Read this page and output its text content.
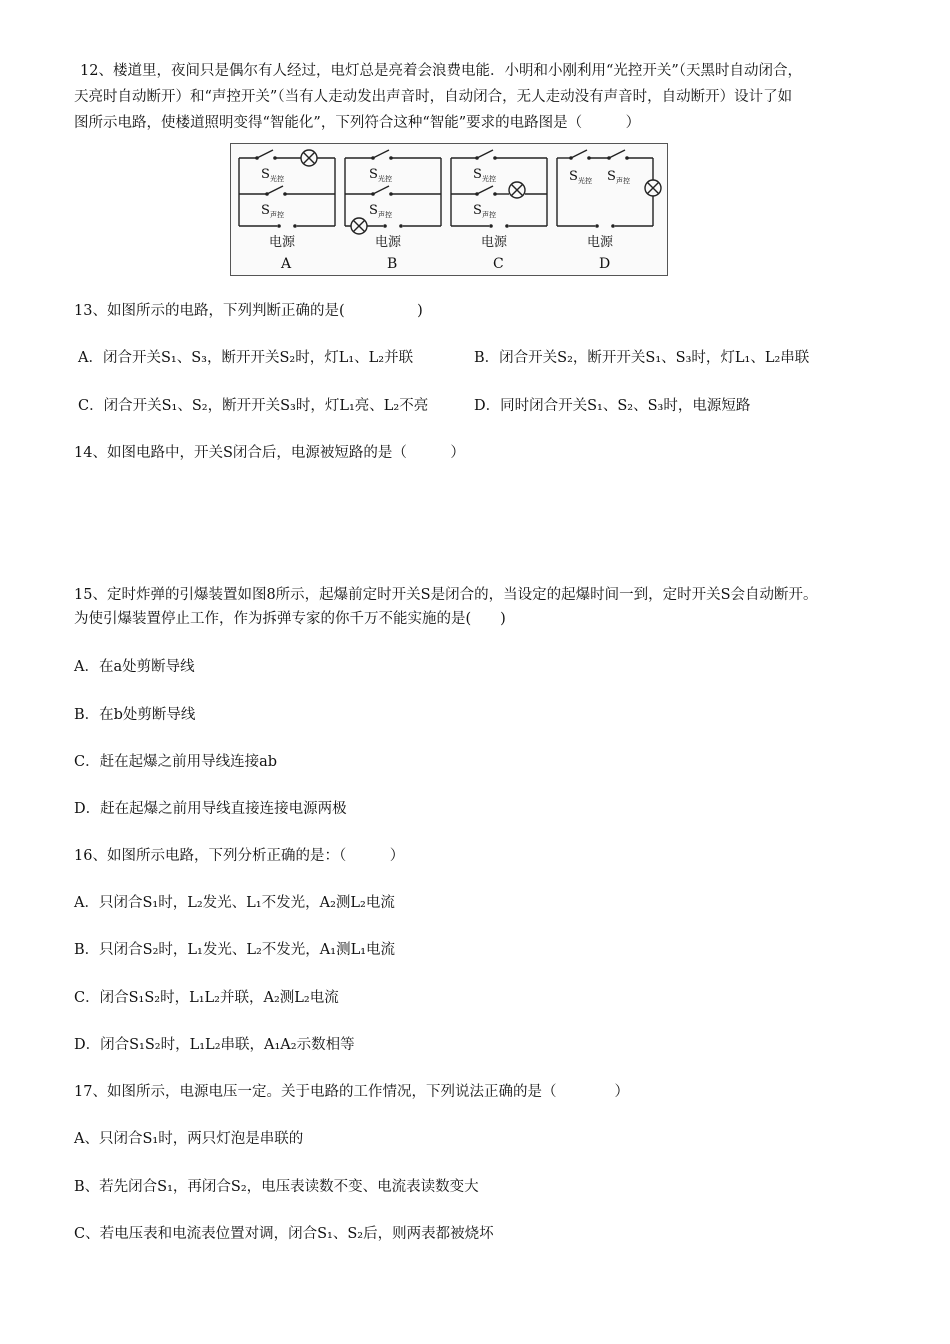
12、楼道里，夜间只是偶尔有人经过，电灯总是亮着会浪费电能．小明和小刚利用“光控开关”（天黑时自动闭合，
天亮时自动断开）和“声控开关”（当有人走动发出声音时，自动闭合，无人走动没有声音时，自动断开）设计了如
图所示电路，使楼道照明变得“智能化”，下列符合这种“智能”要求的电路图是（　　　）
S 光控
S 声控
电源
A
S 光控
S 声控
电源
B
S 光控
S 声控
电源
C
S 光控 S 声控
电源
D
13、如图所示的电路，下列判断正确的是(　　　　　)
A．闭合开关S₁、S₃，断开开关S₂时，灯L₁、L₂并联	B．闭合开关S₂，断开开关S₁、S₃时，灯L₁、L₂串联
C．闭合开关S₁、S₂，断开开关S₃时，灯L₁亮、L₂不亮	D．同时闭合开关S₁、S₂、S₃时，电源短路
14、如图电路中，开关S闭合后，电源被短路的是（　　　）
15、定时炸弹的引爆装置如图8所示，起爆前定时开关S是闭合的，当设定的起爆时间一到，定时开关S会自动断开。
为使引爆装置停止工作，作为拆弹专家的你千万不能实施的是(　　)
A．在a处剪断导线
B．在b处剪断导线
C．赶在起爆之前用导线连接ab
D．赶在起爆之前用导线直接连接电源两极
16、如图所示电路，下列分析正确的是：（　　　）
A．只闭合S₁时，L₂发光、L₁不发光，A₂测L₂电流
B．只闭合S₂时，L₁发光、L₂不发光，A₁测L₁电流
C．闭合S₁S₂时，L₁L₂并联，A₂测L₂电流
D．闭合S₁S₂时，L₁L₂串联，A₁A₂示数相等
17、如图所示，电源电压一定。关于电路的工作情况，下列说法正确的是（　　　　）
A、只闭合S₁时，两只灯泡是串联的
B、若先闭合S₁，再闭合S₂，电压表读数不变、电流表读数变大
C、若电压表和电流表位置对调，闭合S₁、S₂后，则两表都被烧坏
